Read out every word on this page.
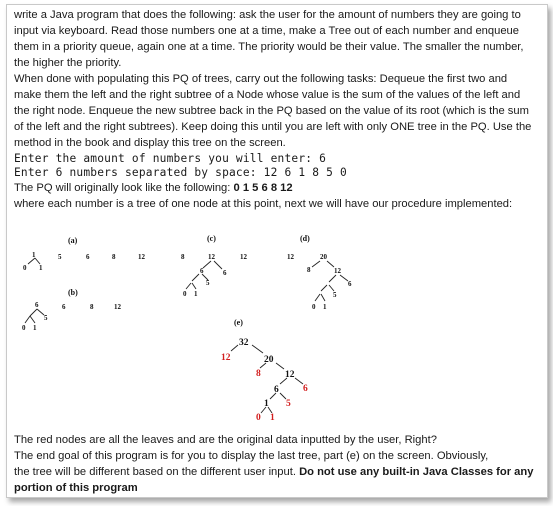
write a Java program that does the following: ask the user for the amount of numbers they are going to
input via keyboard. Read those numbers one at a time, make a Tree out of each number and enqueue
them in a priority queue, again one at a time. The priority would be their value. The smaller the number,
the higher the priority.
When done with populating this PQ of trees, carry out the following tasks: Dequeue the first two and
make them the left and the right subtree of a Node whose value is the sum of the values of the left and
the right node. Enqueue the new subtree back in the PQ based on the value of its root (which is the sum
of the left and the right subtrees). Keep doing this until you are left with only ONE tree in the PQ. Use the
method in the book and display this tree on the screen.
Enter the amount of numbers you will enter: 6
Enter 6 numbers separated by space: 12 6 1 8 5 0
The PQ will originally look like the following: 0 1 5 6 8 12
where each number is a tree of one node at this point, next we will have our procedure implemented:
(a)
1
0 1
5	6	8	12
(b)
6
5
0 1
6	8	12
(c)
8	12
12
6	6
5
0 1
(d)
12	20
8	12
6
5
0 1
(e)
32
12	20
8	12
6
6
5
1
0 1
The red nodes are all the leaves and are the original data inputted by the user, Right?
The end goal of this program is for you to display the last tree, part (e) on the screen. Obviously,
the tree will be different based on the different user input. Do not use any built-in Java Classes for any
portion of this program
